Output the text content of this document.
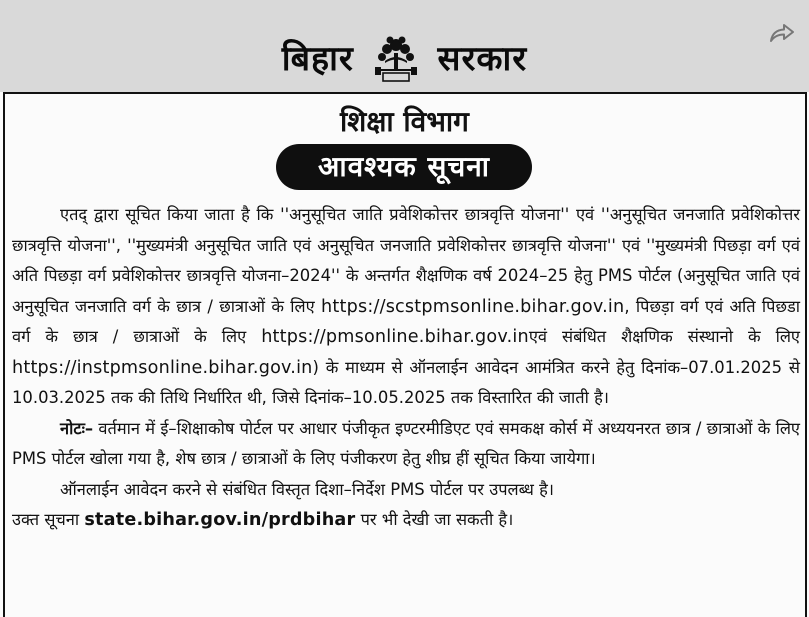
बिहार सरकार
शिक्षा विभाग
आवश्यक सूचना

एतद् द्वारा सूचित किया जाता है कि ''अनुसूचित जाति प्रवेशिकोत्तर छात्रवृत्ति योजना'' एवं ''अनुसूचित जनजाति प्रवेशिकोत्तर छात्रवृत्ति योजना'', ''मुख्यमंत्री अनुसूचित जाति एवं अनुसूचित जनजाति प्रवेशिकोत्तर छात्रवृत्ति योजना'' एवं ''मुख्यमंत्री पिछड़ा वर्ग एवं अति पिछड़ा वर्ग प्रवेशिकोत्तर छात्रवृत्ति योजना–2024'' के अन्तर्गत शैक्षणिक वर्ष 2024–25 हेतु PMS पोर्टल (अनुसूचित जाति एवं अनुसूचित जनजाति वर्ग के छात्र / छात्राओं के लिए https://scstpmsonline.bihar.gov.in, पिछड़ा वर्ग एवं अति पिछडा वर्ग के छात्र / छात्राओं के लिए https://pmsonline.bihar.gov.inएवं संबंधित शैक्षणिक संस्थानो के लिए https://instpmsonline.bihar.gov.in) के माध्यम से ऑनलाईन आवेदन आमंत्रित करने हेतु दिनांक–07.01.2025 से 10.03.2025 तक की तिथि निर्धारित थी, जिसे दिनांक–10.05.2025 तक विस्तारित की जाती है।

नोटः– वर्तमान में ई–शिक्षाकोष पोर्टल पर आधार पंजीकृत इण्टरमीडिएट एवं समकक्ष कोर्स में अध्ययनरत छात्र / छात्राओं के लिए PMS पोर्टल खोला गया है, शेष छात्र / छात्राओं के लिए पंजीकरण हेतु शीघ्र हीं सूचित किया जायेगा।

ऑनलाईन आवेदन करने से संबंधित विस्तृत दिशा–निर्देश PMS पोर्टल पर उपलब्ध है।

उक्त सूचना state.bihar.gov.in/prdbihar पर भी देखी जा सकती है।
